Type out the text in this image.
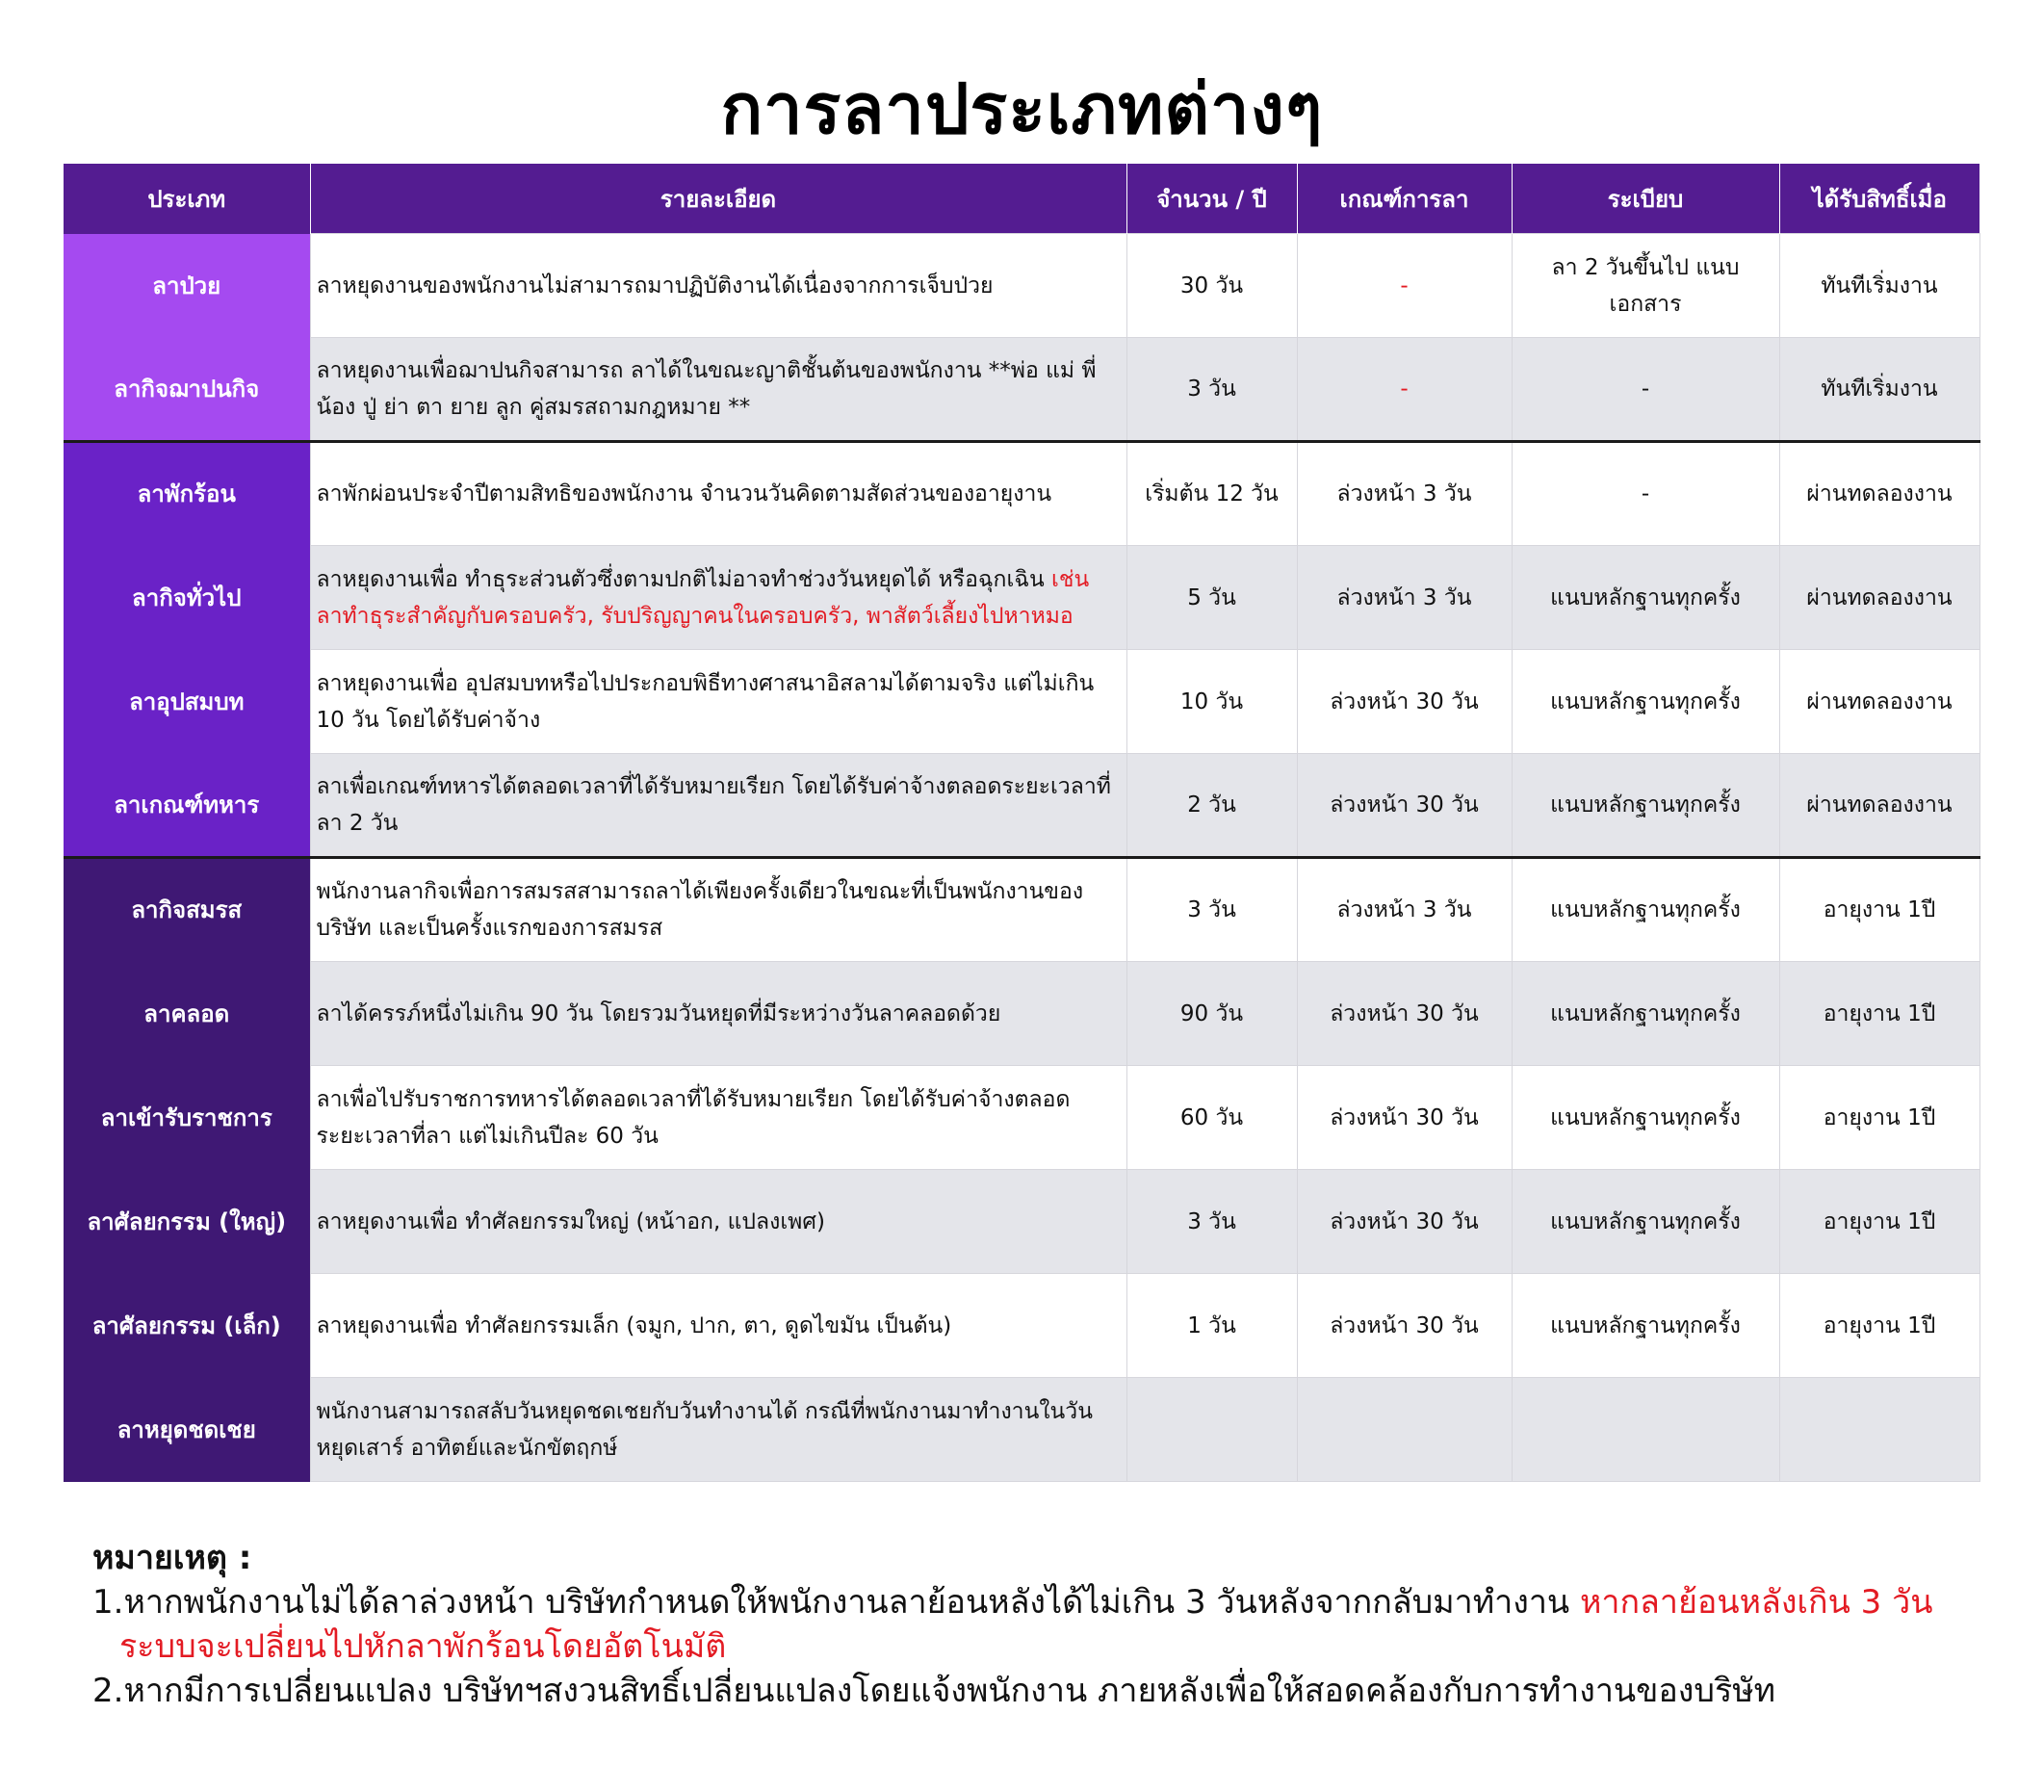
การลาประเภทต่างๆ
ประเภท	รายละเอียด	จำนวน / ปี	เกณฑ์การลา	ระเบียบ	ได้รับสิทธิ์เมื่อ
ลาป่วย	ลาหยุดงานของพนักงานไม่สามารถมาปฏิบัติงานได้เนื่องจากการเจ็บป่วย	30 วัน	-	ลา 2 วันขึ้นไป แนบเอกสาร	ทันทีเริ่มงาน
ลากิจฌาปนกิจ	ลาหยุดงานเพื่อฌาปนกิจสามารถ ลาได้ในขณะญาติชั้นต้นของพนักงาน **พ่อ แม่ พี่ น้อง ปู่ ย่า ตา ยาย ลูก คู่สมรสถามกฎหมาย **	3 วัน	-	-	ทันทีเริ่มงาน
ลาพักร้อน	ลาพักผ่อนประจำปีตามสิทธิของพนักงาน จำนวนวันคิดตามสัดส่วนของอายุงาน	เริ่มต้น 12 วัน	ล่วงหน้า 3 วัน	-	ผ่านทดลองงาน
ลากิจทั่วไป	ลาหยุดงานเพื่อ ทำธุระส่วนตัวซึ่งตามปกติไม่อาจทำช่วงวันหยุดได้ หรือฉุกเฉิน เช่น ลาทำธุระสำคัญกับครอบครัว, รับปริญญาคนในครอบครัว, พาสัตว์เลี้ยงไปหาหมอ	5 วัน	ล่วงหน้า 3 วัน	แนบหลักฐานทุกครั้ง	ผ่านทดลองงาน
ลาอุปสมบท	ลาหยุดงานเพื่อ อุปสมบทหรือไปประกอบพิธีทางศาสนาอิสลามได้ตามจริง แต่ไม่เกิน 10 วัน โดยได้รับค่าจ้าง	10 วัน	ล่วงหน้า 30 วัน	แนบหลักฐานทุกครั้ง	ผ่านทดลองงาน
ลาเกณฑ์ทหาร	ลาเพื่อเกณฑ์ทหารได้ตลอดเวลาที่ได้รับหมายเรียก โดยได้รับค่าจ้างตลอดระยะเวลาที่ ลา 2 วัน	2 วัน	ล่วงหน้า 30 วัน	แนบหลักฐานทุกครั้ง	ผ่านทดลองงาน
ลากิจสมรส	พนักงานลากิจเพื่อการสมรสสามารถลาได้เพียงครั้งเดียวในขณะที่เป็นพนักงานของบริษัท และเป็นครั้งแรกของการสมรส	3 วัน	ล่วงหน้า 3 วัน	แนบหลักฐานทุกครั้ง	อายุงาน 1ปี
ลาคลอด	ลาได้ครรภ์หนึ่งไม่เกิน 90 วัน โดยรวมวันหยุดที่มีระหว่างวันลาคลอดด้วย	90 วัน	ล่วงหน้า 30 วัน	แนบหลักฐานทุกครั้ง	อายุงาน 1ปี
ลาเข้ารับราชการ	ลาเพื่อไปรับราชการทหารได้ตลอดเวลาที่ได้รับหมายเรียก โดยได้รับค่าจ้างตลอดระยะเวลาที่ลา แต่ไม่เกินปีละ 60 วัน	60 วัน	ล่วงหน้า 30 วัน	แนบหลักฐานทุกครั้ง	อายุงาน 1ปี
ลาศัลยกรรม (ใหญ่)	ลาหยุดงานเพื่อ ทำศัลยกรรมใหญ่ (หน้าอก, แปลงเพศ)	3 วัน	ล่วงหน้า 30 วัน	แนบหลักฐานทุกครั้ง	อายุงาน 1ปี
ลาศัลยกรรม (เล็ก)	ลาหยุดงานเพื่อ ทำศัลยกรรมเล็ก (จมูก, ปาก, ตา, ดูดไขมัน เป็นต้น)	1 วัน	ล่วงหน้า 30 วัน	แนบหลักฐานทุกครั้ง	อายุงาน 1ปี
ลาหยุดชดเชย	พนักงานสามารถสลับวันหยุดชดเชยกับวันทำงานได้ กรณีที่พนักงานมาทำงานในวันหยุดเสาร์ อาทิตย์และนักขัตฤกษ์				
หมายเหตุ :
1.หากพนักงานไม่ได้ลาล่วงหน้า บริษัทกำหนดให้พนักงานลาย้อนหลังได้ไม่เกิน 3 วันหลังจากกลับมาทำงาน หากลาย้อนหลังเกิน 3 วัน
ระบบจะเปลี่ยนไปหักลาพักร้อนโดยอัตโนมัติ
2.หากมีการเปลี่ยนแปลง บริษัทฯสงวนสิทธิ์เปลี่ยนแปลงโดยแจ้งพนักงาน ภายหลังเพื่อให้สอดคล้องกับการทำงานของบริษัท
